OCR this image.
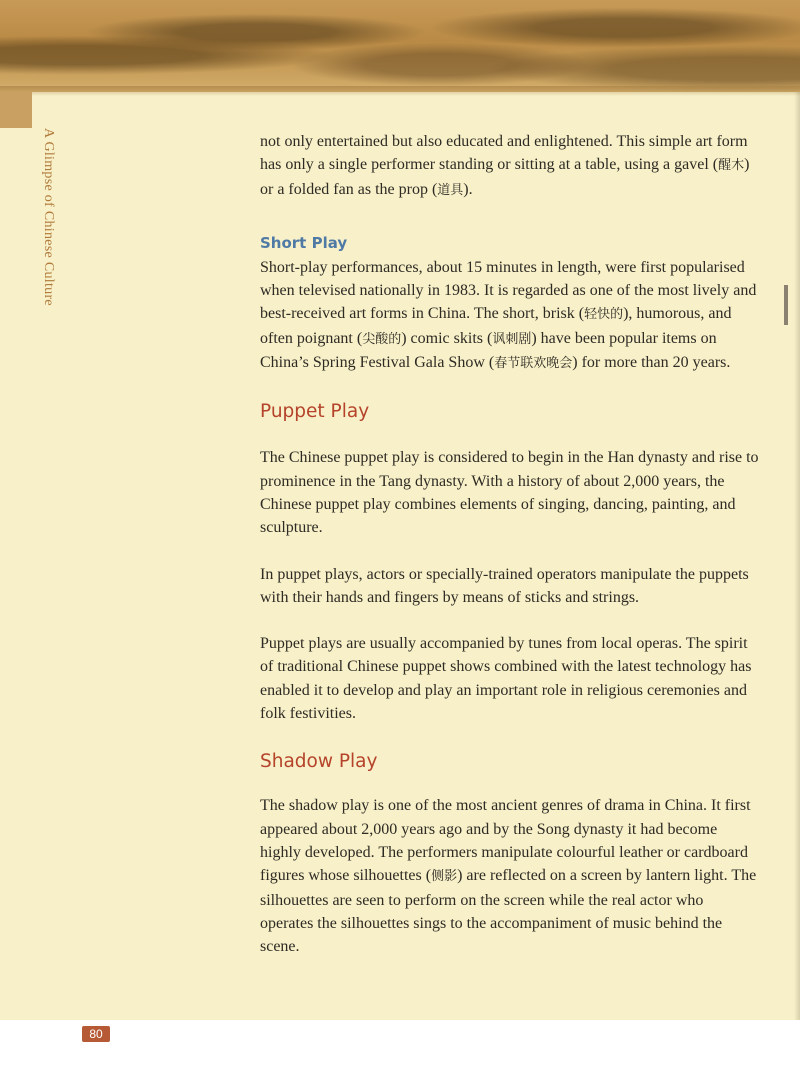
A Glimpse of Chinese Culture	not only entertained but also educated and enlightened. This simple art form has only a single performer standing or sitting at a table, using a gavel (醒木) or a folded fan as the prop (道具).

Short Play

Short-play performances, about 15 minutes in length, were first popularised when televised nationally in 1983. It is regarded as one of the most lively and best-received art forms in China. The short, brisk (轻快的), humorous, and often poignant (尖酸的) comic skits (讽刺剧) have been popular items on China’s Spring Festival Gala Show (春节联欢晚会) for more than 20 years.

Puppet Play

The Chinese puppet play is considered to begin in the Han dynasty and rise to prominence in the Tang dynasty. With a history of about 2,000 years, the Chinese puppet play combines elements of singing, dancing, painting, and sculpture.

In puppet plays, actors or specially-trained operators manipulate the puppets with their hands and fingers by means of sticks and strings.

Puppet plays are usually accompanied by tunes from local operas. The spirit of traditional Chinese puppet shows combined with the latest technology has enabled it to develop and play an important role in religious ceremonies and folk festivities.

Shadow Play

The shadow play is one of the most ancient genres of drama in China. It first appeared about 2,000 years ago and by the Song dynasty it had become highly developed. The performers manipulate colourful leather or cardboard figures whose silhouettes (侧影) are reflected on a screen by lantern light. The silhouettes are seen to perform on the screen while the real actor who operates the silhouettes sings to the accompaniment of music behind the scene.

80
